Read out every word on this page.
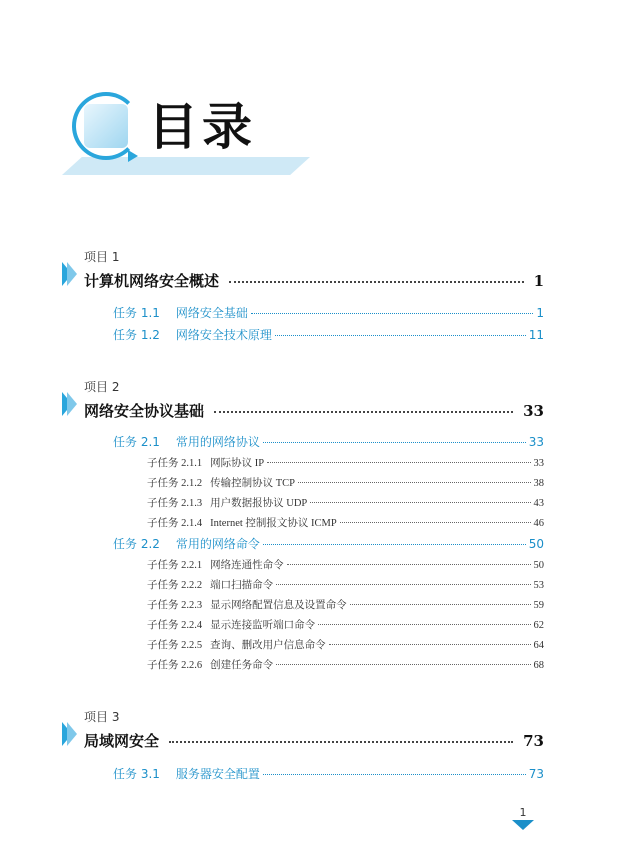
目录
项目 1
计算机网络安全概述	1
任务 1.1 网络安全基础	1
任务 1.2 网络安全技术原理	11
项目 2
网络安全协议基础	33
任务 2.1 常用的网络协议	33
子任务 2.1.1 网际协议 IP	33
子任务 2.1.2 传输控制协议 TCP	38
子任务 2.1.3 用户数据报协议 UDP	43
子任务 2.1.4 Internet 控制报文协议 ICMP	46
任务 2.2 常用的网络命令	50
子任务 2.2.1 网络连通性命令	50
子任务 2.2.2 端口扫描命令	53
子任务 2.2.3 显示网络配置信息及设置命令	59
子任务 2.2.4 显示连接监听端口命令	62
子任务 2.2.5 查询、删改用户信息命令	64
子任务 2.2.6 创建任务命令	68
项目 3
局域网安全	73
任务 3.1 服务器安全配置	73
1
